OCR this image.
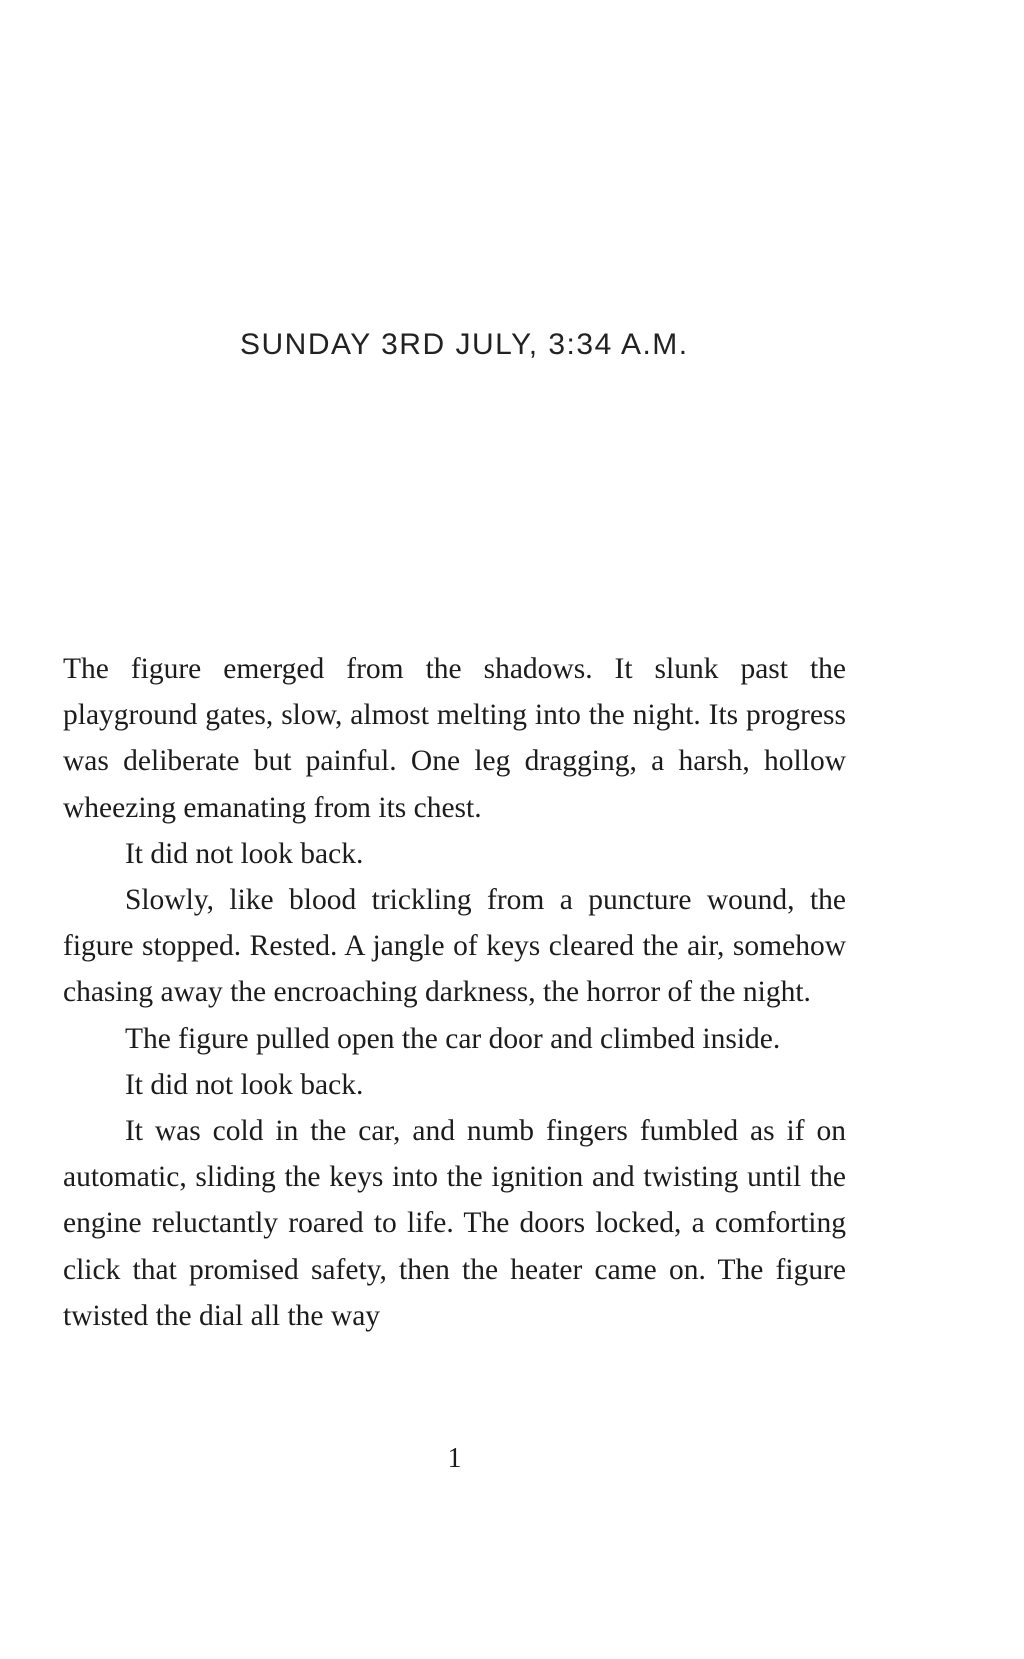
SUNDAY 3RD JULY, 3:34 A.M.

The figure emerged from the shadows. It slunk past the playground gates, slow, almost melting into the night. Its progress was deliberate but painful. One leg dragging, a harsh, hollow wheezing emanating from its chest.

It did not look back.

Slowly, like blood trickling from a puncture wound, the figure stopped. Rested. A jangle of keys cleared the air, somehow chasing away the encroaching darkness, the horror of the night.

The figure pulled open the car door and climbed inside.

It did not look back.

It was cold in the car, and numb fingers fumbled as if on automatic, sliding the keys into the ignition and twisting until the engine reluctantly roared to life. The doors locked, a comforting click that promised safety, then the heater came on. The figure twisted the dial all the way

1
